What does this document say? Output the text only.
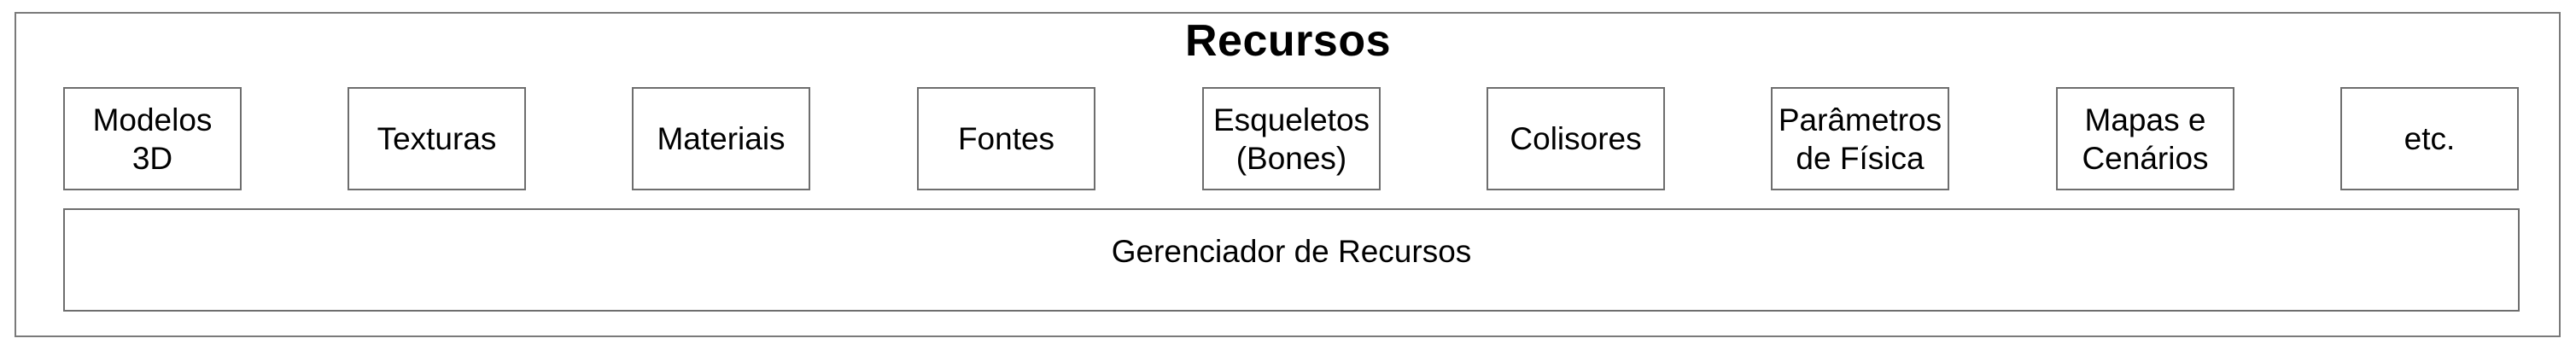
Recursos
Modelos
3D
Texturas	Materiais	Fontes
Esqueletos
(Bones)
Colisores
Parâmetros
de Física
Mapas e
Cenários
etc.
Gerenciador de Recursos
